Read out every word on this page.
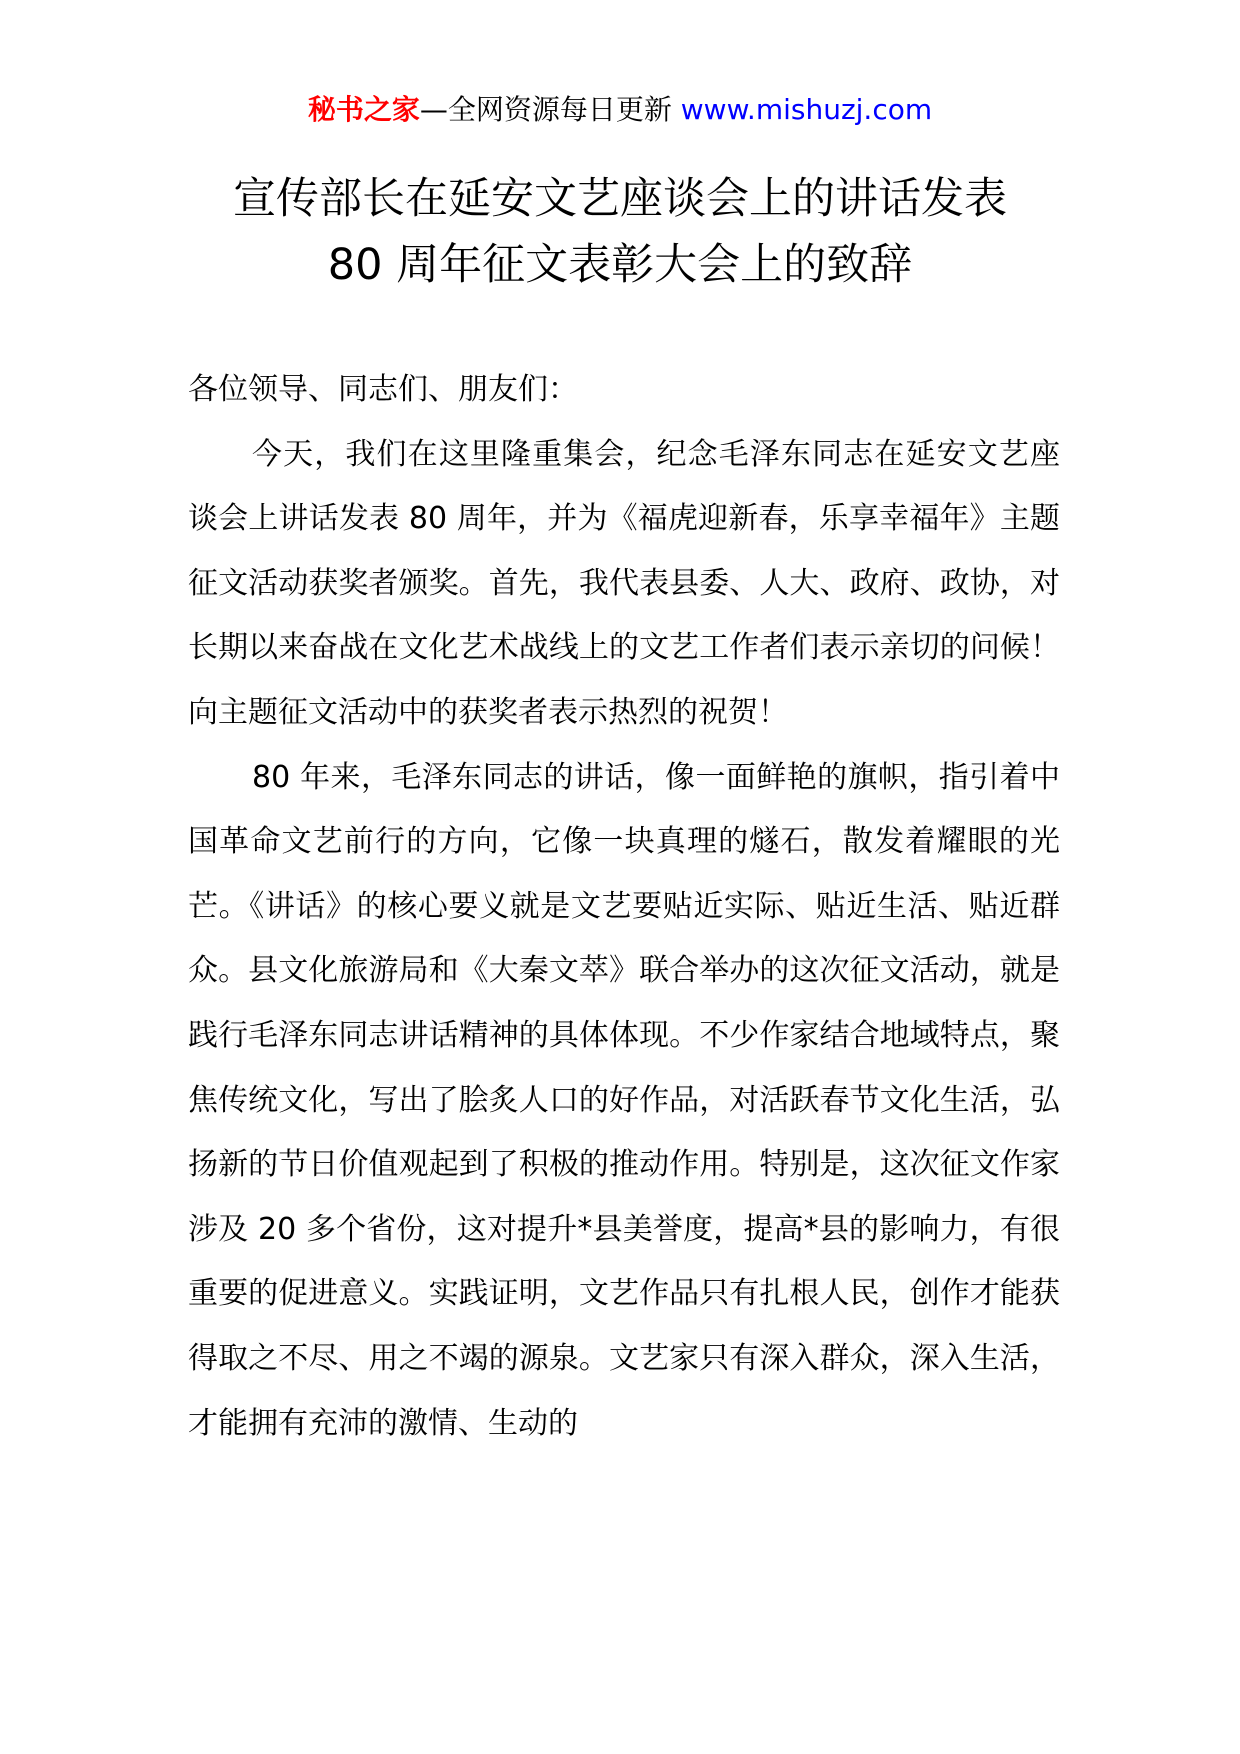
秘书之家—全网资源每日更新 www.mishuzj.com
宣传部长在延安文艺座谈会上的讲话发表
80 周年征文表彰大会上的致辞

各位领导、同志们、朋友们：

今天，我们在这里隆重集会，纪念毛泽东同志在延安文艺座谈会上讲话发表 80 周年，并为《福虎迎新春，乐享幸福年》主题征文活动获奖者颁奖。首先，我代表县委、人大、政府、政协，对长期以来奋战在文化艺术战线上的文艺工作者们表示亲切的问候！向主题征文活动中的获奖者表示热烈的祝贺！

80 年来，毛泽东同志的讲话，像一面鲜艳的旗帜，指引着中国革命文艺前行的方向，它像一块真理的燧石，散发着耀眼的光芒。《讲话》的核心要义就是文艺要贴近实际、贴近生活、贴近群众。县文化旅游局和《大秦文萃》联合举办的这次征文活动，就是践行毛泽东同志讲话精神的具体体现。不少作家结合地域特点，聚焦传统文化，写出了脍炙人口的好作品，对活跃春节文化生活，弘扬新的节日价值观起到了积极的推动作用。特别是，这次征文作家涉及 20 多个省份，这对提升*县美誉度，提高*县的影响力，有很重要的促进意义。实践证明，文艺作品只有扎根人民，创作才能获得取之不尽、用之不竭的源泉。文艺家只有深入群众，深入生活，才能拥有充沛的激情、生动的
